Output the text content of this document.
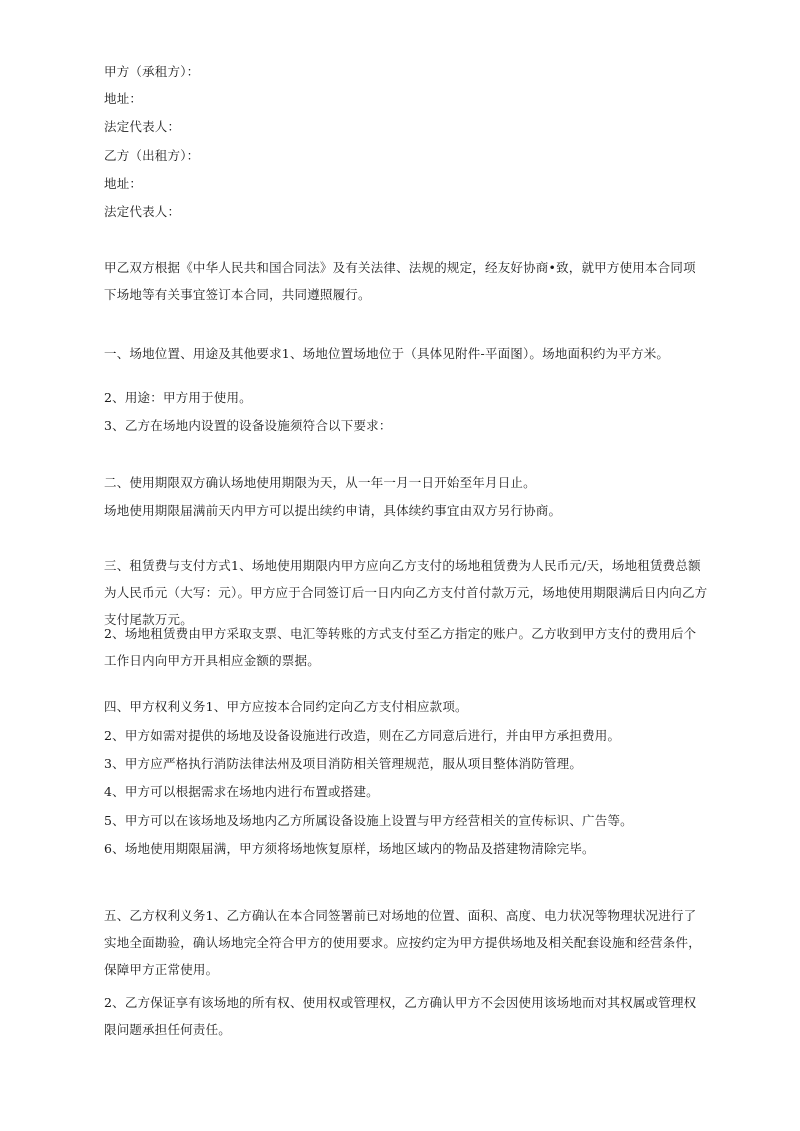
甲方（承租方）：
地址：
法定代表人：
乙方（出租方）：
地址：
法定代表人：
甲乙双方根据《中华人民共和国合同法》及有关法律、法规的规定，经友好协商•致，就甲方使用本合同项下场地等有关事宜签订本合同，共同遵照履行。
一、场地位置、用途及其他要求1、场地位置场地位于（具体见附件-平面图）。场地面积约为平方米。
2、用途：甲方用于使用。
3、乙方在场地内设置的设备设施须符合以下要求：
二、使用期限双方确认场地使用期限为天，从一年一月一日开始至年月日止。
场地使用期限届满前天内甲方可以提出续约申请，具体续约事宜由双方另行协商。
三、租赁费与支付方式1、场地使用期限内甲方应向乙方支付的场地租赁费为人民币元/天，场地租赁费总额为人民币元（大写：元）。甲方应于合同签订后一日内向乙方支付首付款万元，场地使用期限满后日内向乙方支付尾款万元。
2、场地租赁费由甲方采取支票、电汇等转账的方式支付至乙方指定的账户。乙方收到甲方支付的费用后个工作日内向甲方开具相应金额的票据。
四、甲方权利义务1、甲方应按本合同约定向乙方支付相应款项。
2、甲方如需对提供的场地及设备设施进行改造，则在乙方同意后进行，并由甲方承担费用。
3、甲方应严格执行消防法律法州及项目消防相关管理规范，服从项目整体消防管理。
4、甲方可以根据需求在场地内进行布置或搭建。
5、甲方可以在该场地及场地内乙方所属设备设施上设置与甲方经营相关的宣传标识、广告等。
6、场地使用期限届满，甲方须将场地恢复原样，场地区域内的物品及搭建物清除完毕。
五、乙方权利义务1、乙方确认在本合同签署前已对场地的位置、面积、高度、电力状况等物理状况进行了实地全面勘验，确认场地完全符合甲方的使用要求。应按约定为甲方提供场地及相关配套设施和经营条件，保障甲方正常使用。
2、乙方保证享有该场地的所有权、使用权或管理权，乙方确认甲方不会因使用该场地而对其权属或管理权限问题承担任何责任。
